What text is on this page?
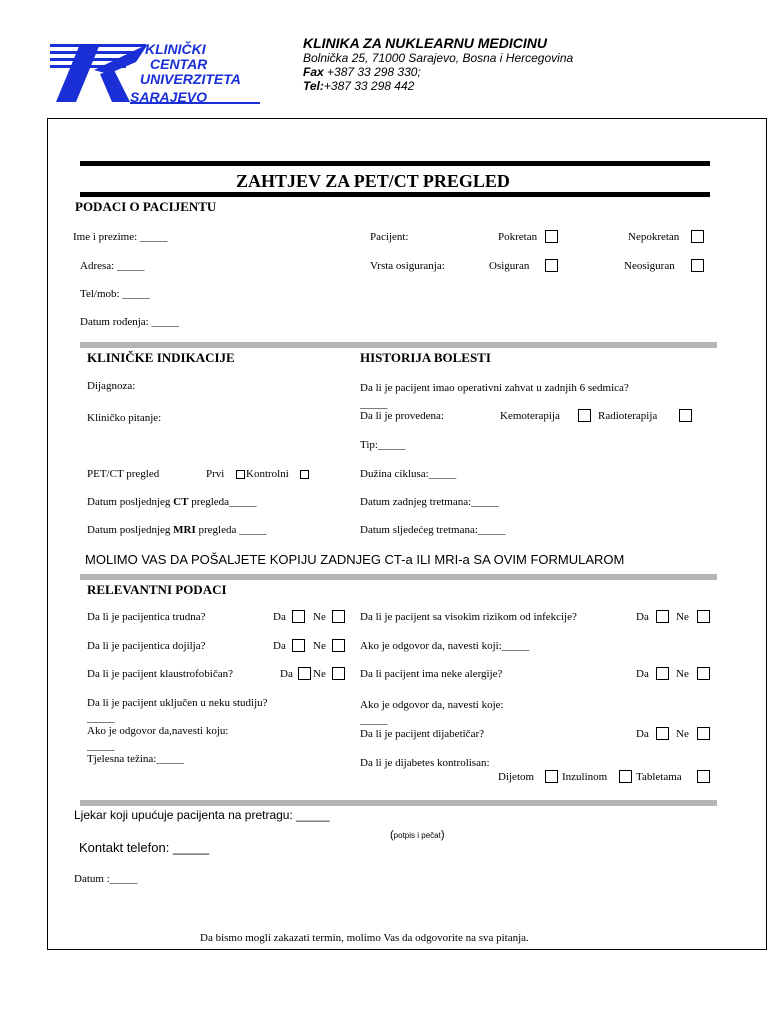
KLINIČKI
CENTAR
UNIVERZITETA
SARAJEVO
KLINIKA ZA NUKLEARNU MEDICINU
Bolnička 25, 71000 Sarajevo, Bosna i Hercegovina
Fax +387 33 298 330;
Tel:+387 33 298 442
ZAHTJEV ZA PET/CT PREGLED
PODACI O PACIJENTU
Ime i prezime: _____
Adresa: _____
Tel/mob: _____
Datum rođenja: _____
Pacijent:	Pokretan	Nepokretan
Vrsta osiguranja:	Osiguran	Neosiguran
KLINIČKE INDIKACIJE
Dijagnoza:
Kliničko pitanje:
PET/CT pregled	Prvi Kontrolni
Datum posljednjeg CT pregleda_____
Datum posljednjeg MRI pregleda _____
HISTORIJA BOLESTI
Da li je pacijent imao operativni zahvat u zadnjih 6 sedmica?
_____
Da li je provedena:	Kemoterapija	Radioterapija
Tip:_____
Dužina ciklusa:_____
Datum zadnjeg tretmana:_____
Datum sljedećeg tretmana:_____
MOLIMO VAS DA POŠALJETE KOPIJU ZADNJEG CT-a ILI MRI-a SA OVIM FORMULAROM
RELEVANTNI PODACI
Da li je pacijentica trudna?	Da Ne
Da li je pacijentica dojilja?	Da Ne
Da li je pacijent klaustrofobičan?	Da Ne
Da li je pacijent uključen u neku studiju?
_____
Ako je odgovor da,navesti koju:
_____
Tjelesna težina:_____
Da li je pacijent sa visokim rizikom od infekcije?	Da Ne
Ako je odgovor da, navesti koji:_____
Da li pacijent ima neke alergije?	Da Ne
Ako je odgovor da, navesti koje:
_____
Da li je pacijent dijabetičar?	Da Ne
Da li je dijabetes kontrolisan:
Dijetom	Inzulinom	Tabletama
Ljekar koji upućuje pacijenta na pretragu: _____
(potpis i pečat)
Kontakt telefon: _____
Datum :_____
Da bismo mogli zakazati termin, molimo Vas da odgovorite na sva pitanja.
